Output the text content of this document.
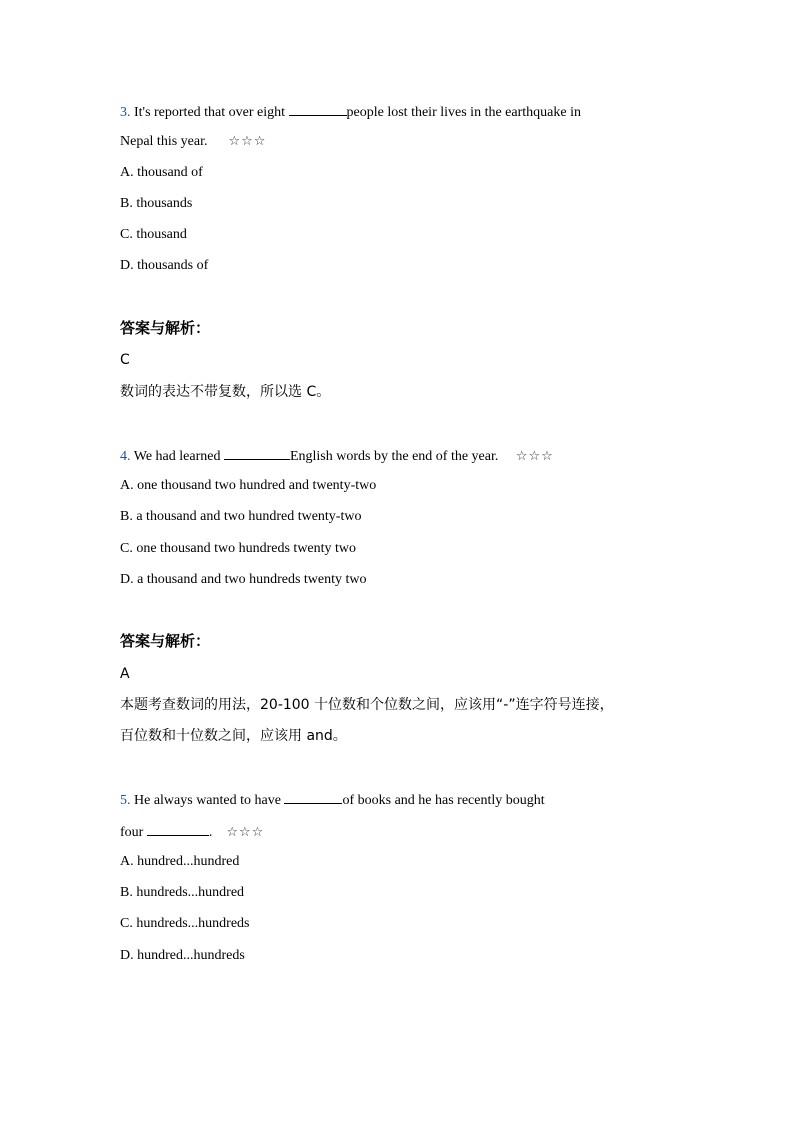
3. It's reported that over eight	people lost their lives in the earthquake in
Nepal this year. ☆☆☆
A. thousand of
B. thousands
C. thousand
D. thousands of
答案与解析：
C
数词的表达不带复数，所以选 C。
4. We had learned	English words by the end of the year. ☆☆☆
A. one thousand two hundred and twenty-two
B. a thousand and two hundred twenty-two
C. one thousand two hundreds twenty two
D. a thousand and two hundreds twenty two
答案与解析：
A
本题考查数词的用法，20-100 十位数和个位数之间，应该用“-”连字符号连接，
百位数和十位数之间，应该用 and。
5. He always wanted to have	of books and he has recently bought
four	. ☆☆☆
A. hundred...hundred
B. hundreds...hundred
C. hundreds...hundreds
D. hundred...hundreds
